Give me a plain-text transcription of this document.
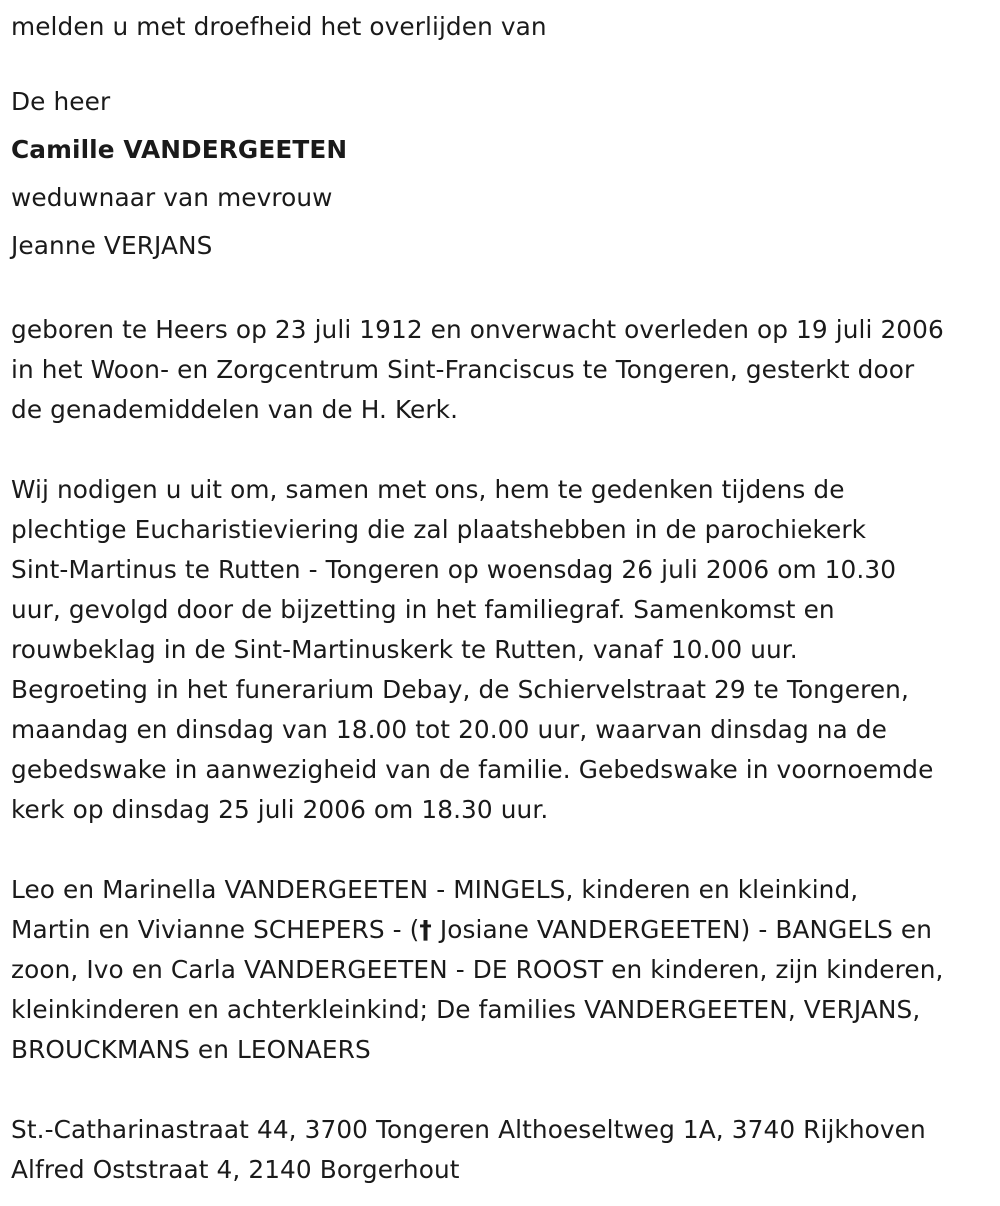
melden u met droefheid het overlijden van
De heer
Camille VANDERGEETEN
weduwnaar van mevrouw
Jeanne VERJANS
geboren te Heers op 23 juli 1912 en onverwacht overleden op 19 juli 2006
in het Woon- en Zorgcentrum Sint-Franciscus te Tongeren, gesterkt door
de genademiddelen van de H. Kerk.
Wij nodigen u uit om, samen met ons, hem te gedenken tijdens de
plechtige Eucharistieviering die zal plaatshebben in de parochiekerk
Sint-Martinus te Rutten - Tongeren op woensdag 26 juli 2006 om 10.30
uur, gevolgd door de bijzetting in het familiegraf. Samenkomst en
rouwbeklag in de Sint-Martinuskerk te Rutten, vanaf 10.00 uur.
Begroeting in het funerarium Debay, de Schiervelstraat 29 te Tongeren,
maandag en dinsdag van 18.00 tot 20.00 uur, waarvan dinsdag na de
gebedswake in aanwezigheid van de familie. Gebedswake in voornoemde
kerk op dinsdag 25 juli 2006 om 18.30 uur.
Leo en Marinella VANDERGEETEN - MINGELS, kinderen en kleinkind,
Martin en Vivianne SCHEPERS - († Josiane VANDERGEETEN) - BANGELS en
zoon, Ivo en Carla VANDERGEETEN - DE ROOST en kinderen, zijn kinderen,
kleinkinderen en achterkleinkind; De families VANDERGEETEN, VERJANS,
BROUCKMANS en LEONAERS
St.-Catharinastraat 44, 3700 Tongeren Althoeseltweg 1A, 3740 Rijkhoven
Alfred Oststraat 4, 2140 Borgerhout
